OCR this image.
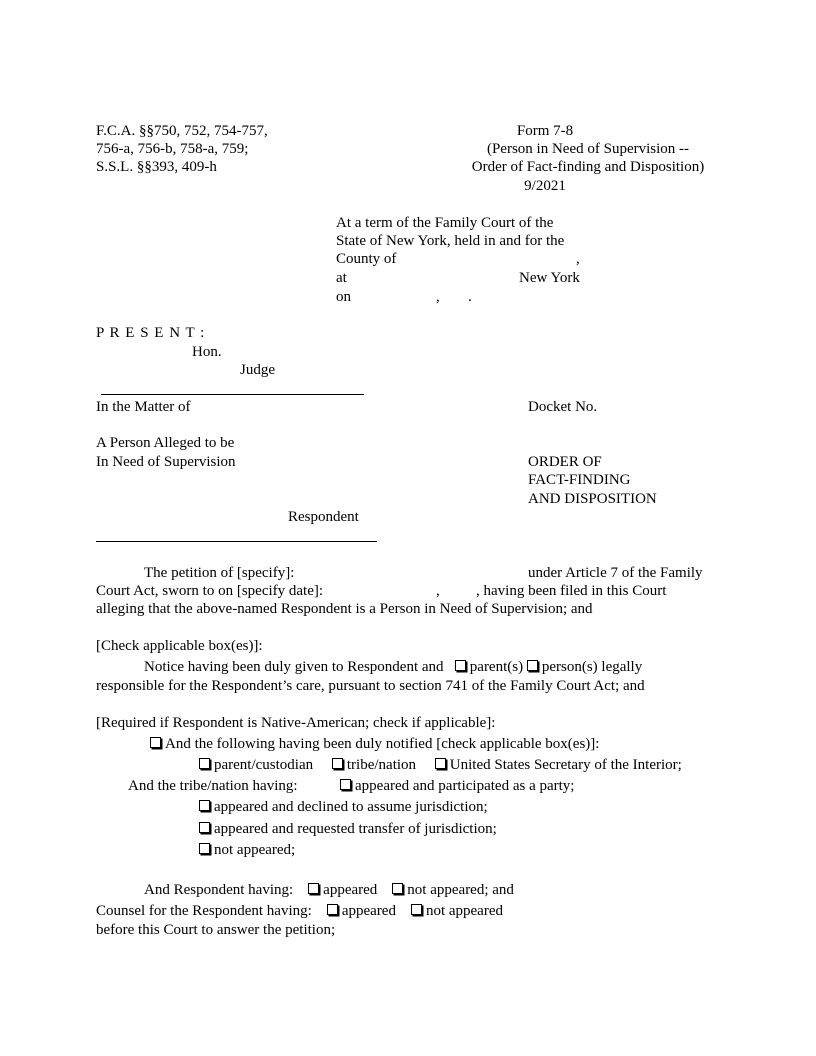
F.C.A. §§750, 752, 754-757,
756-a, 756-b, 758-a, 759;
S.S.L. §§393, 409-h
Form 7-8
(Person in Need of Supervision --
Order of Fact-finding and Disposition)
9/2021
At a term of the Family Court of the
State of New York, held in and for the
County of	,
at	New York
on	, .
P R E S E N T :
Hon.
Judge
In the Matter of	Docket No.
A Person Alleged to be
In Need of Supervision	ORDER OF
FACT-FINDING
AND DISPOSITION
Respondent
The petition of [specify]:	under Article 7 of the Family
Court Act, sworn to on [specify date]:	, , having been filed in this Court
alleging that the above-named Respondent is a Person in Need of Supervision; and
[Check applicable box(es)]:
Notice having been duly given to Respondent and parent(s) person(s) legally
responsible for the Respondent’s care, pursuant to section 741 of the Family Court Act; and
[Required if Respondent is Native-American; check if applicable]:
And the following having been duly notified [check applicable box(es)]:
parent/custodian tribe/nation United States Secretary of the Interior;
And the tribe/nation having:	appeared and participated as a party;
appeared and declined to assume jurisdiction;
appeared and requested transfer of jurisdiction;
not appeared;
And Respondent having: appeared not appeared; and
Counsel for the Respondent having: appeared not appeared
before this Court to answer the petition;
